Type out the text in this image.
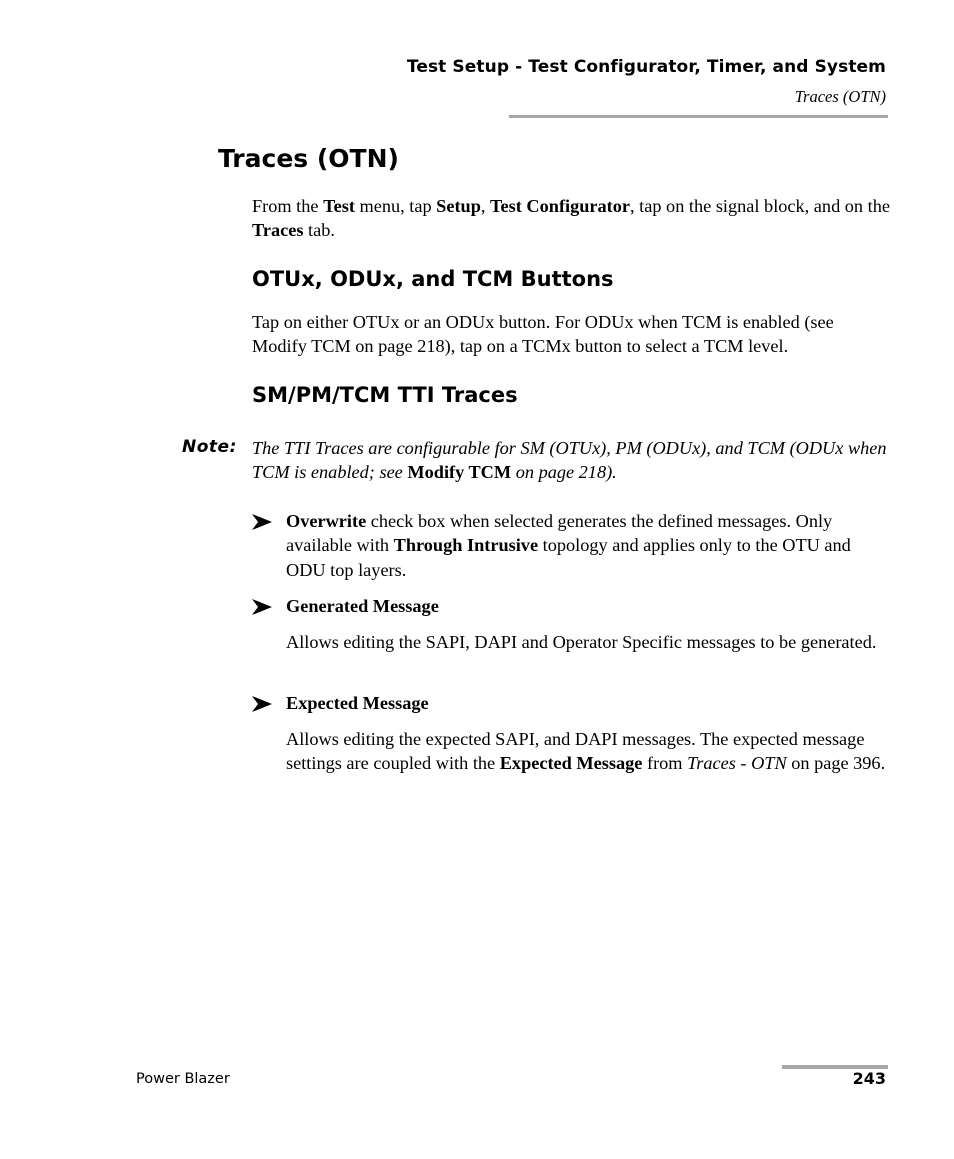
Test Setup - Test Configurator, Timer, and System
Traces (OTN)
Traces (OTN)

From the Test menu, tap Setup, Test Configurator, tap on the signal block, and on the Traces tab.

OTUx, ODUx, and TCM Buttons

Tap on either OTUx or an ODUx button. For ODUx when TCM is enabled (see Modify TCM on page 218), tap on a TCMx button to select a TCM level.

SM/PM/TCM TTI Traces
Note: The TTI Traces are configurable for SM (OTUx), PM (ODUx), and TCM (ODUx when TCM is enabled; see Modify TCM on page 218).

Overwrite check box when selected generates the defined messages. Only available with Through Intrusive topology and applies only to the OTU and ODU top layers.

Generated Message

Allows editing the SAPI, DAPI and Operator Specific messages to be generated.

Expected Message

Allows editing the expected SAPI, and DAPI messages. The expected message settings are coupled with the Expected Message from Traces - OTN on page 396.

Power Blazer	243
